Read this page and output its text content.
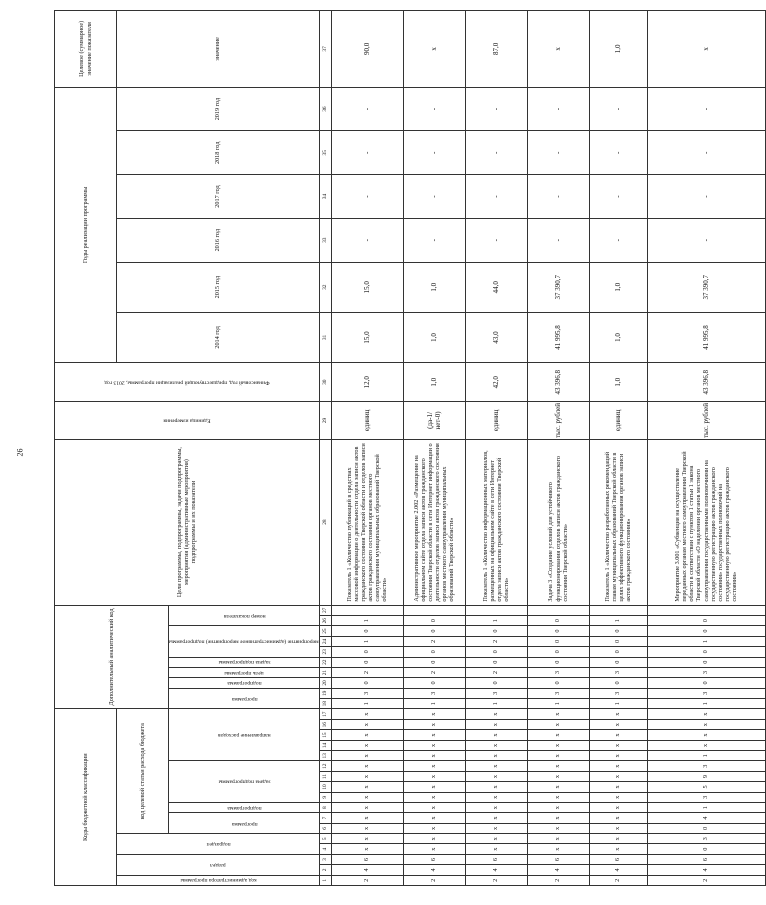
26
Коды бюджетной классификации																	Дополнительный аналитический код										Цели программы, подпрограммы, задачи подпрограммы, мероприятия (административные мероприятия) подпрограммы и их показатели	Единица измерения	Финансовый год, предшествующий реализации программы, 2013 год	Годы реализации программы						Целевое (суммарное) значение показателя
код администратора программы	раздел		подраздел		код целевой статьи расхода бюджета																									2014 год	2015 год	2016 год	2017 год	2018 год	2019 год	значение
					программа		подпрограмма	задача подпрограммы				направление расходов					программа		подпрограмма	цель программы	задача подпрограммы	мероприятие (административное мероприятие) подпрограммы			номер показателя											
1	2	3	4	5	6	7	8	9	10	11	12	13	14	15	16	17	18	19	20	21	22	23	24	25	26	27	28	29	30	31	32	33	34	35	36	37
2	4	6	х	х	х	х	х	х	х	х	х	х	х	х	х	х	1	3	0	2	0	0	1	0	1		Показатель 1 «Количество публикаций в средствах массовой информации о деятельности отдела записи актов гражданского состояния Тверской области и отделов записи актов гражданского состояния органов местного самоуправления муниципальных образований Тверской области»	единиц	12,0	15,0	15,0	-	-	-	-	90,0
2	4	6	х	х	х	х	х	х	х	х	х	х	х	х	х	х	1	3	0	2	0	0	2	0	0		Административное мероприятие 2.002 «Размещение на официальном сайте отдела записи актов гражданского состояния Тверской области в сети Интернет информации о деятельности отделов записи актов гражданского состояния органов местного самоуправления муниципальных образований Тверской области»	(да-1/ нет-0)	1,0	1,0	1,0	-	-	-	-	х
2	4	6	х	х	х	х	х	х	х	х	х	х	х	х	х	х	1	3	0	2	0	0	2	0	1		Показатель 1 «Количество информационных материалов, размещенных на официальном сайте в сети Интернет отдела записи актов гражданского состояния Тверской области»	единиц	42,0	43,0	44,0	-	-	-	-	87,0
2	4	6	х	х	х	х	х	х	х	х	х	х	х	х	х	х	1	3	0	3	0	0	0	0	0		Задача 3 «Создание условий для устойчивого функционирования отделов записи актов гражданского состояния Тверской области»	тыс. рублей	43 396,8	41 995,8	37 390,7	-	-	-	-	х
2	4	6	х	х	х	х	х	х	х	х	х	х	х	х	х	х	1	3	0	3	0	0	0	0	1		Показатель 1 «Количество разработанных рекомендаций главам муниципальных образований Тверской области в целях эффективного функционирования органов записи актов гражданского состояния»	единиц	1,0	1,0	1,0	-	-	-	-	1,0
2	4	6	0	3	0	4	1	3	5	9	3	1	х	х	х	х	1	3	0	3	0	0	1	0	0		Мероприятие 3.001 «Субвенция на осуществление переданных органам местного самоуправления Тверской области в соответствии с пунктом 1 статьи 1 закона Тверской области «О наделении органов местного самоуправления государственными полномочиями на государственную регистрацию актов гражданского состояния» государственных полномочий на государственную регистрацию актов гражданского состояния»	тыс. рублей	43 396,8	41 995,8	37 390,7	-	-	-	-	х
